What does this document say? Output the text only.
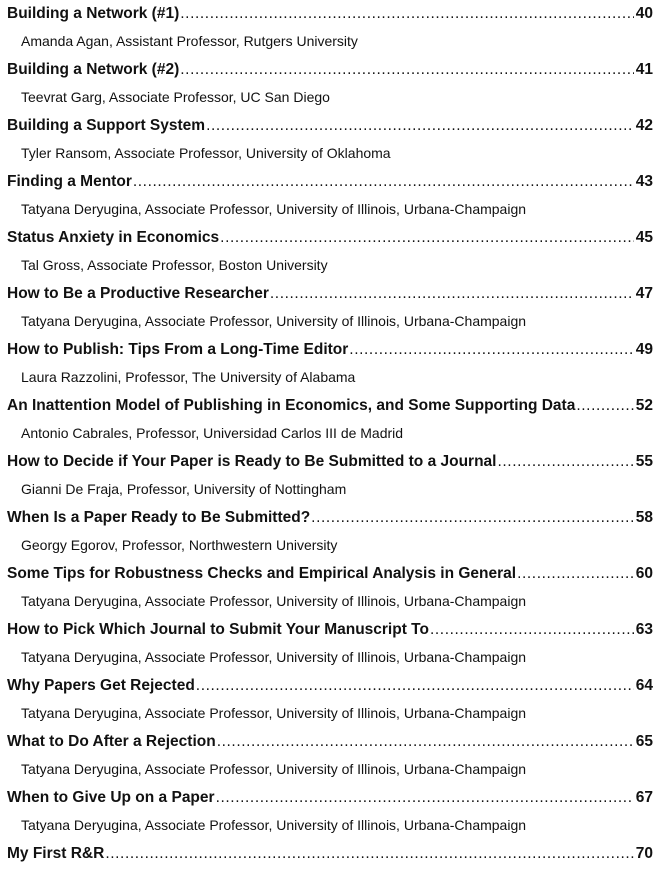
Building a Network (#1) .....	40
Amanda Agan, Assistant Professor, Rutgers University
Building a Network (#2) .....	41
Teevrat Garg, Associate Professor, UC San Diego
Building a Support System .....	42
Tyler Ransom, Associate Professor, University of Oklahoma
Finding a Mentor .....	43
Tatyana Deryugina, Associate Professor, University of Illinois, Urbana-Champaign
Status Anxiety in Economics .....	45
Tal Gross, Associate Professor, Boston University
How to Be a Productive Researcher .....	47
Tatyana Deryugina, Associate Professor, University of Illinois, Urbana-Champaign
How to Publish: Tips From a Long-Time Editor .....	49
Laura Razzolini, Professor, The University of Alabama
An Inattention Model of Publishing in Economics, and Some Supporting Data .....	52
Antonio Cabrales, Professor, Universidad Carlos III de Madrid
How to Decide if Your Paper is Ready to Be Submitted to a Journal .....	55
Gianni De Fraja, Professor, University of Nottingham
When Is a Paper Ready to Be Submitted? .....	58
Georgy Egorov, Professor, Northwestern University
Some Tips for Robustness Checks and Empirical Analysis in General .....	60
Tatyana Deryugina, Associate Professor, University of Illinois, Urbana-Champaign
How to Pick Which Journal to Submit Your Manuscript To .....	63
Tatyana Deryugina, Associate Professor, University of Illinois, Urbana-Champaign
Why Papers Get Rejected .....	64
Tatyana Deryugina, Associate Professor, University of Illinois, Urbana-Champaign
What to Do After a Rejection .....	65
Tatyana Deryugina, Associate Professor, University of Illinois, Urbana-Champaign
When to Give Up on a Paper .....	67
Tatyana Deryugina, Associate Professor, University of Illinois, Urbana-Champaign
My First R&R .....	70
